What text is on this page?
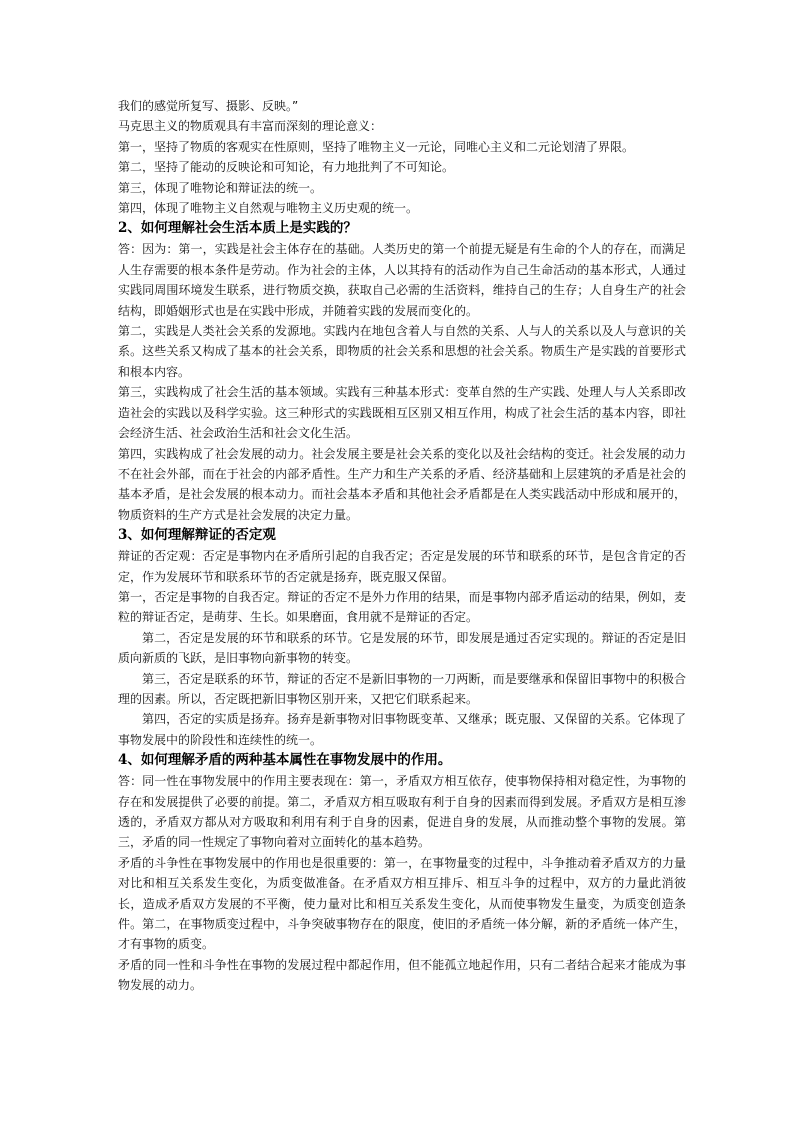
我们的感觉所复写、摄影、反映。”

马克思主义的物质观具有丰富而深刻的理论意义：

第一，坚持了物质的客观实在性原则，坚持了唯物主义一元论，同唯心主义和二元论划清了界限。

第二，坚持了能动的反映论和可知论，有力地批判了不可知论。

第三，体现了唯物论和辩证法的统一。

第四，体现了唯物主义自然观与唯物主义历史观的统一。

2、如何理解社会生活本质上是实践的？

答：因为：第一，实践是社会主体存在的基础。人类历史的第一个前提无疑是有生命的个人的存在，而满足人生存需要的根本条件是劳动。作为社会的主体，人以其持有的活动作为自己生命活动的基本形式，人通过实践同周围环境发生联系，进行物质交换，获取自己必需的生活资料，维持自己的生存；人自身生产的社会结构，即婚姻形式也是在实践中形成，并随着实践的发展而变化的。

第二，实践是人类社会关系的发源地。实践内在地包含着人与自然的关系、人与人的关系以及人与意识的关系。这些关系又构成了基本的社会关系，即物质的社会关系和思想的社会关系。物质生产是实践的首要形式和根本内容。

第三，实践构成了社会生活的基本领域。实践有三种基本形式：变革自然的生产实践、处理人与人关系即改造社会的实践以及科学实验。这三种形式的实践既相互区别又相互作用，构成了社会生活的基本内容，即社会经济生活、社会政治生活和社会文化生活。

第四，实践构成了社会发展的动力。社会发展主要是社会关系的变化以及社会结构的变迁。社会发展的动力不在社会外部，而在于社会的内部矛盾性。生产力和生产关系的矛盾、经济基础和上层建筑的矛盾是社会的基本矛盾，是社会发展的根本动力。而社会基本矛盾和其他社会矛盾都是在人类实践活动中形成和展开的，物质资料的生产方式是社会发展的决定力量。

3、如何理解辩证的否定观

辩证的否定观：否定是事物内在矛盾所引起的自我否定；否定是发展的环节和联系的环节，是包含肯定的否定，作为发展环节和联系环节的否定就是扬弃，既克服又保留。

第一，否定是事物的自我否定。辩证的否定不是外力作用的结果，而是事物内部矛盾运动的结果，例如，麦粒的辩证否定，是萌芽、生长。如果磨面，食用就不是辩证的否定。

第二，否定是发展的环节和联系的环节。它是发展的环节，即发展是通过否定实现的。辩证的否定是旧质向新质的飞跃，是旧事物向新事物的转变。

第三，否定是联系的环节，辩证的否定不是新旧事物的一刀两断，而是要继承和保留旧事物中的积极合理的因素。所以，否定既把新旧事物区别开来，又把它们联系起来。

第四，否定的实质是扬弃。扬弃是新事物对旧事物既变革、又继承；既克服、又保留的关系。它体现了事物发展中的阶段性和连续性的统一。

4、如何理解矛盾的两种基本属性在事物发展中的作用。

答：同一性在事物发展中的作用主要表现在：第一，矛盾双方相互依存，使事物保持相对稳定性，为事物的存在和发展提供了必要的前提。第二，矛盾双方相互吸取有利于自身的因素而得到发展。矛盾双方是相互渗透的，矛盾双方都从对方吸取和利用有利于自身的因素，促进自身的发展，从而推动整个事物的发展。第三，矛盾的同一性规定了事物向着对立面转化的基本趋势。

矛盾的斗争性在事物发展中的作用也是很重要的：第一，在事物量变的过程中，斗争推动着矛盾双方的力量对比和相互关系发生变化，为质变做准备。在矛盾双方相互排斥、相互斗争的过程中，双方的力量此消彼长，造成矛盾双方发展的不平衡，使力量对比和相互关系发生变化，从而使事物发生量变，为质变创造条件。第二，在事物质变过程中，斗争突破事物存在的限度，使旧的矛盾统一体分解，新的矛盾统一体产生，才有事物的质变。

矛盾的同一性和斗争性在事物的发展过程中都起作用，但不能孤立地起作用，只有二者结合起来才能成为事物发展的动力。
